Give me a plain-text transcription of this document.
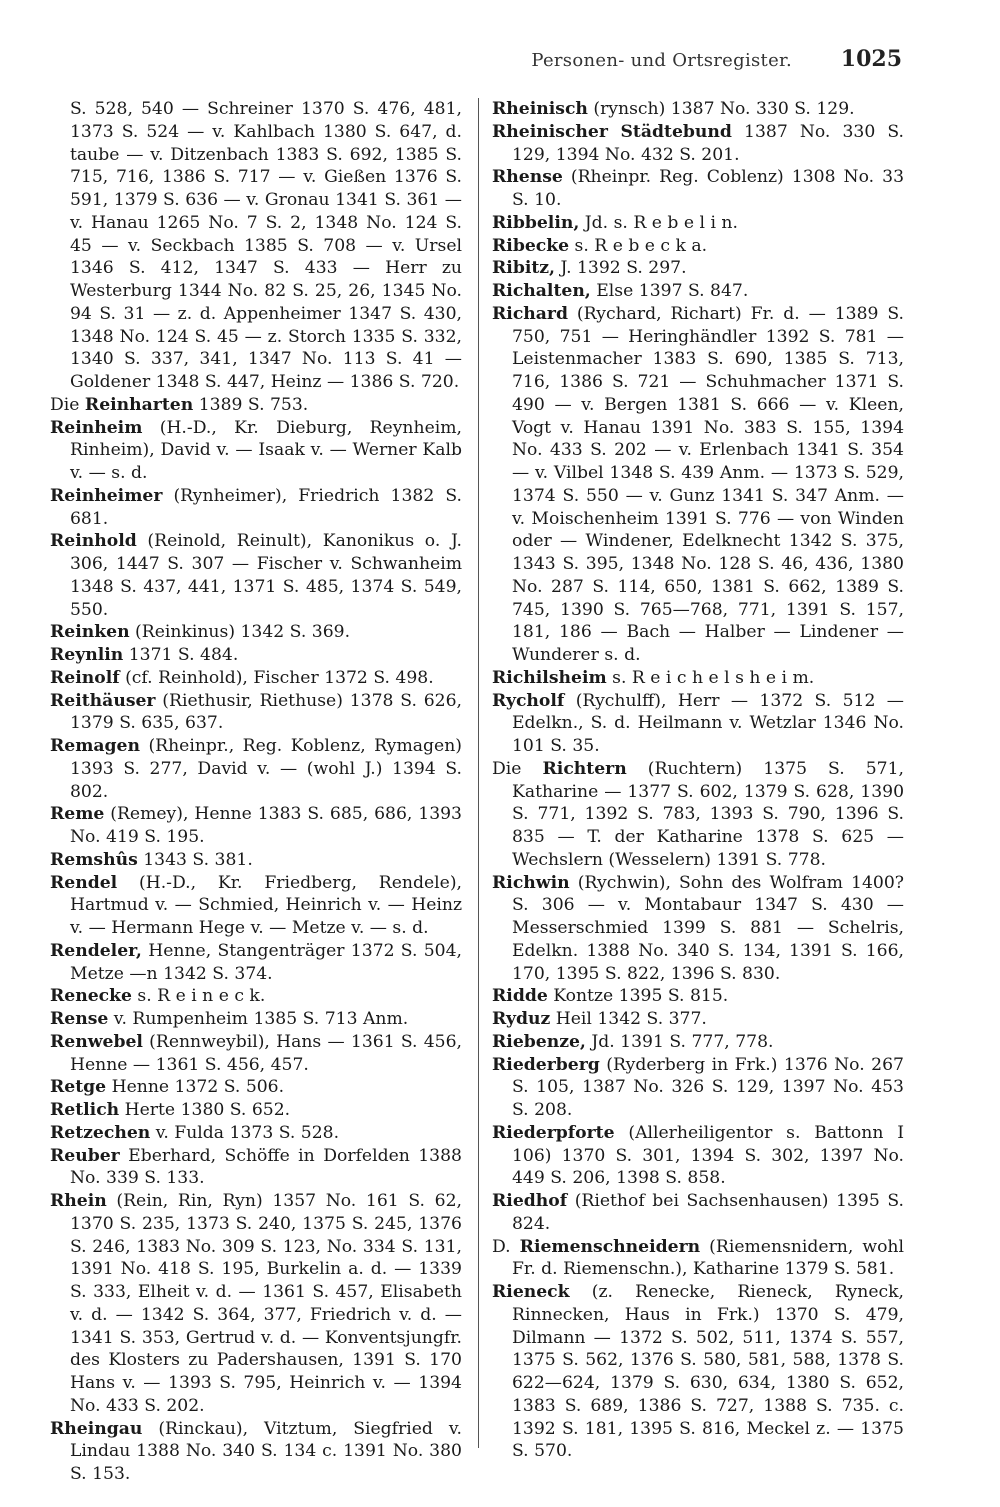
Personen- und Ortsregister. 1025

S. 528, 540 — Schreiner 1370 S. 476, 481, 1373 S. 524 — v. Kahlbach 1380 S. 647, d. taube — v. Ditzenbach 1383 S. 692, 1385 S. 715, 716, 1386 S. 717 — v. Gießen 1376 S. 591, 1379 S. 636 — v. Gronau 1341 S. 361 — v. Hanau 1265 No. 7 S. 2, 1348 No. 124 S. 45 — v. Seckbach 1385 S. 708 — v. Ursel 1346 S. 412, 1347 S. 433 — Herr zu Westerburg 1344 No. 82 S. 25, 26, 1345 No. 94 S. 31 — z. d. Appenheimer 1347 S. 430, 1348 No. 124 S. 45 — z. Storch 1335 S. 332, 1340 S. 337, 341, 1347 No. 113 S. 41 — Goldener 1348 S. 447, Heinz — 1386 S. 720.

Die Reinharten 1389 S. 753.

Reinheim (H.-D., Kr. Dieburg, Reynheim, Rinheim), David v. — Isaak v. — Werner Kalb v. — s. d.

Reinheimer (Rynheimer), Friedrich 1382 S. 681.

Reinhold (Reinold, Reinult), Kanonikus o. J. 306, 1447 S. 307 — Fischer v. Schwanheim 1348 S. 437, 441, 1371 S. 485, 1374 S. 549, 550.

Reinken (Reinkinus) 1342 S. 369.

Reynlin 1371 S. 484.

Reinolf (cf. Reinhold), Fischer 1372 S. 498.

Reithäuser (Riethusir, Riethuse) 1378 S. 626, 1379 S. 635, 637.

Remagen (Rheinpr., Reg. Koblenz, Rymagen) 1393 S. 277, David v. — (wohl J.) 1394 S. 802.

Reme (Remey), Henne 1383 S. 685, 686, 1393 No. 419 S. 195.

Remshûs 1343 S. 381.

Rendel (H.-D., Kr. Friedberg, Rendele), Hartmud v. — Schmied, Heinrich v. — Heinz v. — Hermann Hege v. — Metze v. — s. d.

Rendeler, Henne, Stangenträger 1372 S. 504, Metze —n 1342 S. 374.

Renecke s. R e i n e c k.

Rense v. Rumpenheim 1385 S. 713 Anm.

Renwebel (Rennweybil), Hans — 1361 S. 456, Henne — 1361 S. 456, 457.

Retge Henne 1372 S. 506.

Retlich Herte 1380 S. 652.

Retzechen v. Fulda 1373 S. 528.

Reuber Eberhard, Schöffe in Dorfelden 1388 No. 339 S. 133.

Rhein (Rein, Rin, Ryn) 1357 No. 161 S. 62, 1370 S. 235, 1373 S. 240, 1375 S. 245, 1376 S. 246, 1383 No. 309 S. 123, No. 334 S. 131, 1391 No. 418 S. 195, Burkelin a. d. — 1339 S. 333, Elheit v. d. — 1361 S. 457, Elisabeth v. d. — 1342 S. 364, 377, Friedrich v. d. — 1341 S. 353, Gertrud v. d. — Konventsjungfr. des Klosters zu Padershausen, 1391 S. 170 Hans v. — 1393 S. 795, Heinrich v. — 1394 No. 433 S. 202.

Rheingau (Rinckau), Vitztum, Siegfried v. Lindau 1388 No. 340 S. 134 c. 1391 No. 380 S. 153.

Rheinisch (rynsch) 1387 No. 330 S. 129.

Rheinischer Städtebund 1387 No. 330 S. 129, 1394 No. 432 S. 201.

Rhense (Rheinpr. Reg. Coblenz) 1308 No. 33 S. 10.

Ribbelin, Jd. s. R e b e l i n.

Ribecke s. R e b e c k a.

Ribitz, J. 1392 S. 297.

Richalten, Else 1397 S. 847.

Richard (Rychard, Richart) Fr. d. — 1389 S. 750, 751 — Heringhändler 1392 S. 781 — Leistenmacher 1383 S. 690, 1385 S. 713, 716, 1386 S. 721 — Schuhmacher 1371 S. 490 — v. Bergen 1381 S. 666 — v. Kleen, Vogt v. Hanau 1391 No. 383 S. 155, 1394 No. 433 S. 202 — v. Erlenbach 1341 S. 354 — v. Vilbel 1348 S. 439 Anm. — 1373 S. 529, 1374 S. 550 — v. Gunz 1341 S. 347 Anm. — v. Moischenheim 1391 S. 776 — von Winden oder — Windener, Edelknecht 1342 S. 375, 1343 S. 395, 1348 No. 128 S. 46, 436, 1380 No. 287 S. 114, 650, 1381 S. 662, 1389 S. 745, 1390 S. 765—768, 771, 1391 S. 157, 181, 186 — Bach — Halber — Lindener — Wunderer s. d.

Richilsheim s. R e i c h e l s h e i m.

Rycholf (Rychulff), Herr — 1372 S. 512 — Edelkn., S. d. Heilmann v. Wetzlar 1346 No. 101 S. 35.

Die Richtern (Ruchtern) 1375 S. 571, Katharine — 1377 S. 602, 1379 S. 628, 1390 S. 771, 1392 S. 783, 1393 S. 790, 1396 S. 835 — T. der Katharine 1378 S. 625 — Wechslern (Wesselern) 1391 S. 778.

Richwin (Rychwin), Sohn des Wolfram 1400? S. 306 — v. Montabaur 1347 S. 430 — Messerschmied 1399 S. 881 — Schelris, Edelkn. 1388 No. 340 S. 134, 1391 S. 166, 170, 1395 S. 822, 1396 S. 830.

Ridde Kontze 1395 S. 815.

Ryduz Heil 1342 S. 377.

Riebenze, Jd. 1391 S. 777, 778.

Riederberg (Ryderberg in Frk.) 1376 No. 267 S. 105, 1387 No. 326 S. 129, 1397 No. 453 S. 208.

Riederpforte (Allerheiligentor s. Battonn I 106) 1370 S. 301, 1394 S. 302, 1397 No. 449 S. 206, 1398 S. 858.

Riedhof (Riethof bei Sachsenhausen) 1395 S. 824.

D. Riemenschneidern (Riemensnidern, wohl Fr. d. Riemenschn.), Katharine 1379 S. 581.

Rieneck (z. Renecke, Rieneck, Ryneck, Rinnecken, Haus in Frk.) 1370 S. 479, Dilmann — 1372 S. 502, 511, 1374 S. 557, 1375 S. 562, 1376 S. 580, 581, 588, 1378 S. 622—624, 1379 S. 630, 634, 1380 S. 652, 1383 S. 689, 1386 S. 727, 1388 S. 735. c. 1392 S. 181, 1395 S. 816, Meckel z. — 1375 S. 570.
